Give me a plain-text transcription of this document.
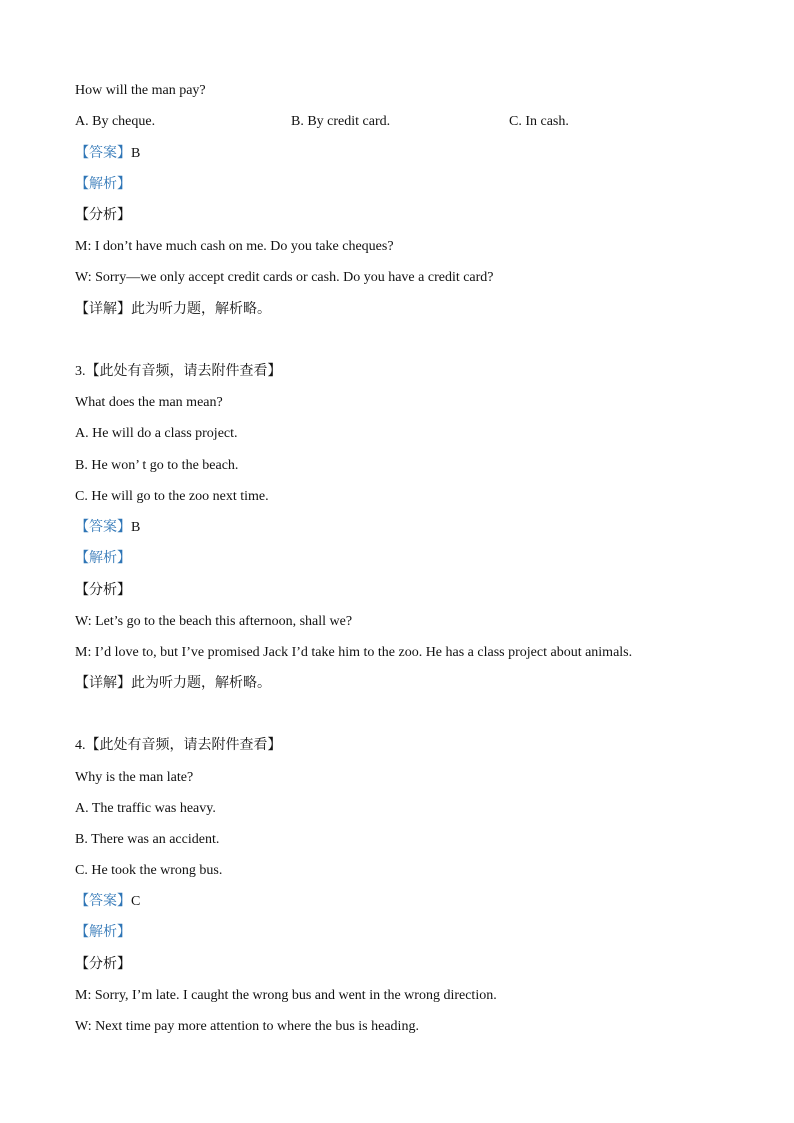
How will the man pay?
A. By cheque.	B. By credit card.	C. In cash.
【答案】B
【解析】
【分析】
M: I don’t have much cash on me. Do you take cheques?
W: Sorry—we only accept credit cards or cash. Do you have a credit card?
【详解】此为听力题，解析略。
3.【此处有音频，请去附件查看】
What does the man mean?
A. He will do a class project.
B. He won’ t go to the beach.
C. He will go to the zoo next time.
【答案】B
【解析】
【分析】
W: Let’s go to the beach this afternoon, shall we?
M: I’d love to, but I’ve promised Jack I’d take him to the zoo. He has a class project about animals.
【详解】此为听力题，解析略。
4.【此处有音频，请去附件查看】
Why is the man late?
A. The traffic was heavy.
B. There was an accident.
C. He took the wrong bus.
【答案】C
【解析】
【分析】
M: Sorry, I’m late. I caught the wrong bus and went in the wrong direction.
W: Next time pay more attention to where the bus is heading.
